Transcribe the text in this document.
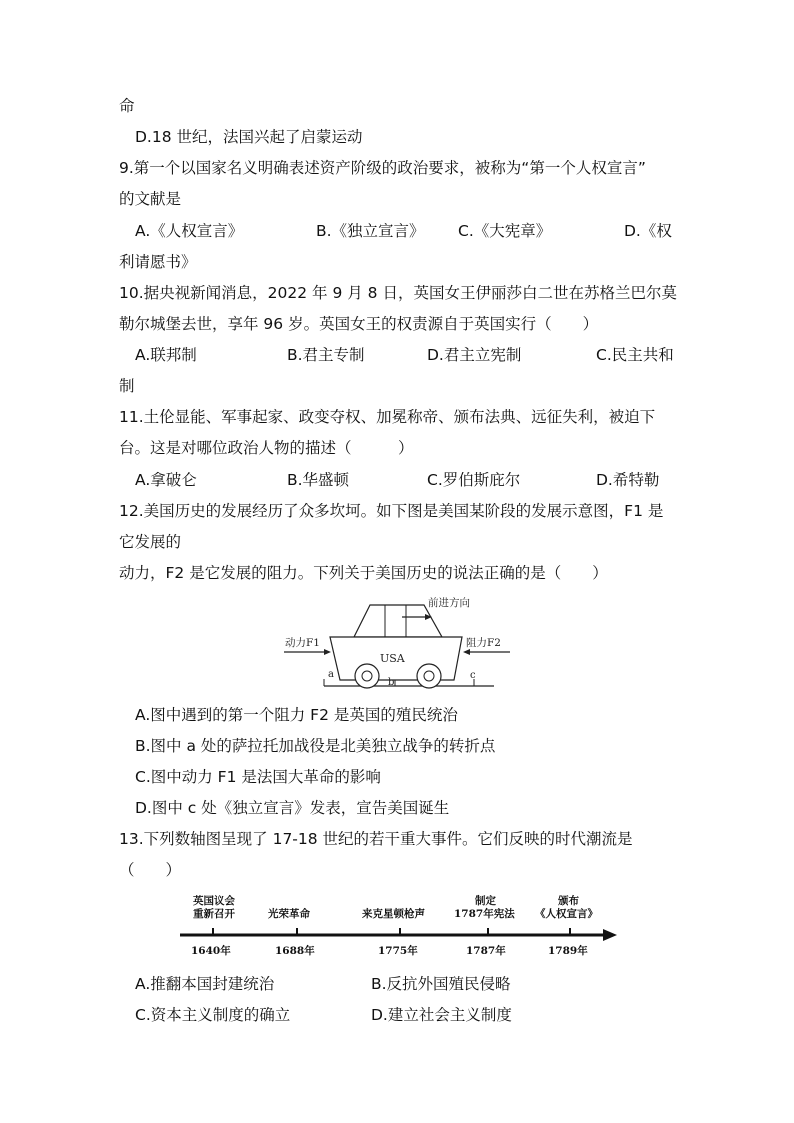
命
D.18 世纪，法国兴起了启蒙运动
9.第一个以国家名义明确表述资产阶级的政治要求，被称为“第一个人权宣言”
的文献是
A.《人权宣言》	B.《独立宣言》 C.《大宪章》	D.《权
利请愿书》
10.据央视新闻消息，2022 年 9 月 8 日，英国女王伊丽莎白二世在苏格兰巴尔莫
勒尔城堡去世，享年 96 岁。英国女王的权责源自于英国实行（　　）
A.联邦制	B.君主专制	D.君主立宪制	C.民主共和
制
11.土伦显能、军事起家、政变夺权、加冕称帝、颁布法典、远征失利，被迫下
台。这是对哪位政治人物的描述（　　　）
A.拿破仑	B.华盛顿	C.罗伯斯庇尔	D.希特勒
12.美国历史的发展经历了众多坎坷。如下图是美国某阶段的发展示意图，F1 是
它发展的
动力，F2 是它发展的阻力。下列关于美国历史的说法正确的是（　　）
前进方向
动力F1	阻力F2
USA
a
b
c
A.图中遇到的第一个阻力 F2 是英国的殖民统治
B.图中 a 处的萨拉托加战役是北美独立战争的转折点
C.图中动力 F1 是法国大革命的影响
D.图中 c 处《独立宣言》发表，宣告美国诞生
13.下列数轴图呈现了 17-18 世纪的若干重大事件。它们反映的时代潮流是
（　　）
英国议会
重新召开	光荣革命	来克星顿枪声
制定
1787年宪法
颁布
《人权宣言》
1640年	1688年	1775年	1787年	1789年
A.推翻本国封建统治	B.反抗外国殖民侵略
C.资本主义制度的确立	D.建立社会主义制度
